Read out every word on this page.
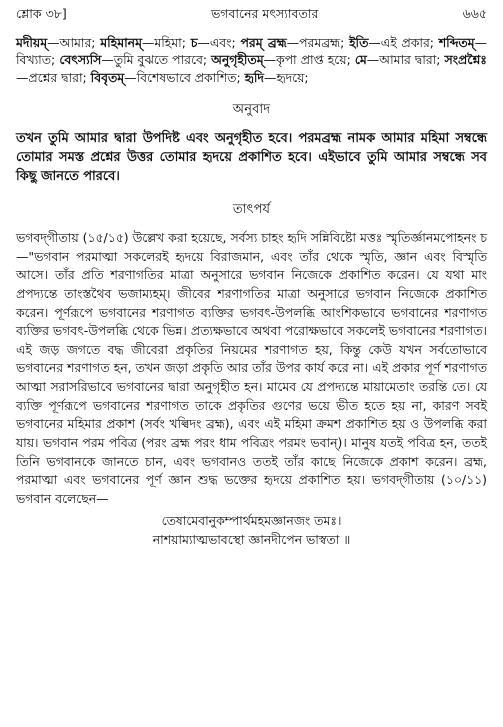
শ্লোক ৩৮]	ভগবানের মৎস্যাবতার	৬৬৫

মদীয়ম্—আমার; মহিমানম্—মহিমা; চ—এবং; পরম্ ব্রহ্ম—পরমব্রহ্ম; ইতি—এই প্রকার; শব্দিতম্—বিখ্যাত; বেৎস্যসি—তুমি বুঝতে পারবে; অনুগৃহীতম্—কৃপা প্রাপ্ত হয়ে; মে—আমার দ্বারা; সংপ্রশ্নৈঃ—প্রশ্নের দ্বারা; বিবৃতম্—বিশেষভাবে প্রকাশিত; হৃদি—হৃদয়ে;

অনুবাদ

তখন তুমি আমার দ্বারা উপদিষ্ট এবং অনুগৃহীত হবে। পরমব্রহ্ম নামক আমার মহিমা সম্বন্ধে তোমার সমস্ত প্রশ্নের উত্তর তোমার হৃদয়ে প্রকাশিত হবে। এইভাবে তুমি আমার সম্বন্ধে সব কিছু জানতে পারবে।

তাৎপর্য

ভগবদ্‌গীতায় (১৫/১৫) উল্লেখ করা হয়েছে, সর্বস্য চাহং হৃদি সন্নিবিষ্টো মত্তঃ স্মৃতির্জ্ঞানমপোহনং চ—"ভগবান পরমাত্মা সকলেরই হৃদয়ে বিরাজমান, এবং তাঁর থেকে স্মৃতি, জ্ঞান এবং বিস্মৃতি আসে। তাঁর প্রতি শরণাগতির মাত্রা অনুসারে ভগবান নিজেকে প্রকাশিত করেন। যে যথা মাং প্রপদ্যন্তে তাংস্তথৈব ভজাম্যহম্। জীবের শরণাগতির মাত্রা অনুসারে ভগবান নিজেকে প্রকাশিত করেন। পূর্ণরূপে ভগবানের শরণাগত ব্যক্তির ভগবৎ-উপলব্ধি আংশিকভাবে ভগবানের শরণাগত ব্যক্তির ভগবৎ-উপলব্ধি থেকে ভিন্ন। প্রত্যক্ষভাবে অথবা পরোক্ষভাবে সকলেই ভগবানের শরণাগত। এই জড় জগতে বদ্ধ জীবেরা প্রকৃতির নিয়মের শরণাগত হয়, কিন্তু কেউ যখন সর্বতোভাবে ভগবানের শরণাগত হন, তখন জড়া প্রকৃতি আর তাঁর উপর কার্য করে না। এই প্রকার পূর্ণ শরণাগত আত্মা সরাসরিভাবে ভগবানের দ্বারা অনুগৃহীত হন। মামেব যে প্রপদ্যন্তে মায়ামেতাং তরন্তি তে। যে ব্যক্তি পূর্ণরূপে ভগবানের শরণাগত তাকে প্রকৃতির গুণের ভয়ে ভীত হতে হয় না, কারণ সবই ভগবানের মহিমার প্রকাশ (সর্বং খল্বিদং ব্রহ্ম), এবং এই মহিমা ক্রমশ প্রকাশিত হয় ও উপলব্ধি করা যায়। ভগবান পরম পবিত্র (পরং ব্রহ্ম পরং ধাম পবিত্রং পরমং ভবান্)। মানুষ যতই পবিত্র হন, ততই তিনি ভগবানকে জানতে চান, এবং ভগবানও ততই তাঁর কাছে নিজেকে প্রকাশ করেন। ব্রহ্ম, পরমাত্মা এবং ভগবানের পূর্ণ জ্ঞান শুদ্ধ ভক্তের হৃদয়ে প্রকাশিত হয়। ভগবদ্‌গীতায় (১০/১১) ভগবান বলেছেন—

তেষামেবানুকম্পার্থমহমজ্ঞানজং তমঃ।
নাশয়াম্যাত্মভাবস্থো জ্ঞানদীপেন ভাস্বতা ॥
